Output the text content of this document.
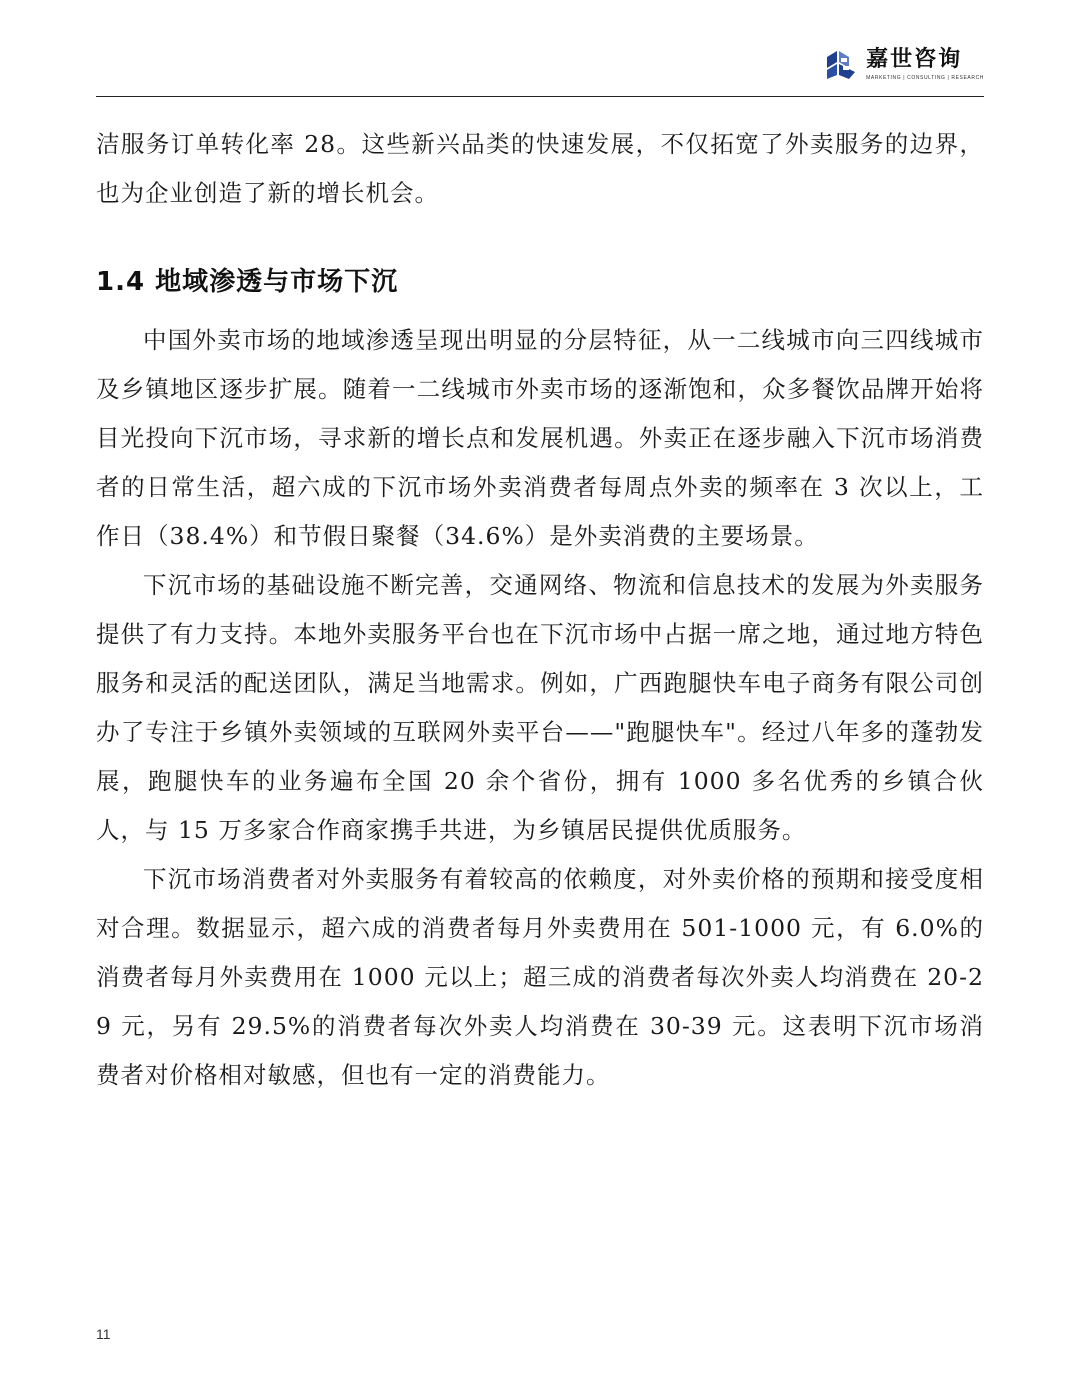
嘉世咨询
MARKETING | CONSULTING | RESEARCH

洁服务订单转化率 28。这些新兴品类的快速发展，不仅拓宽了外卖服务的边界，也为企业创造了新的增长机会。

1.4 地域渗透与市场下沉

中国外卖市场的地域渗透呈现出明显的分层特征，从一二线城市向三四线城市及乡镇地区逐步扩展。随着一二线城市外卖市场的逐渐饱和，众多餐饮品牌开始将目光投向下沉市场，寻求新的增长点和发展机遇。外卖正在逐步融入下沉市场消费者的日常生活，超六成的下沉市场外卖消费者每周点外卖的频率在 3 次以上，工作日（38.4%）和节假日聚餐（34.6%）是外卖消费的主要场景。

下沉市场的基础设施不断完善，交通网络、物流和信息技术的发展为外卖服务提供了有力支持。本地外卖服务平台也在下沉市场中占据一席之地，通过地方特色服务和灵活的配送团队，满足当地需求。例如，广西跑腿快车电子商务有限公司创办了专注于乡镇外卖领域的互联网外卖平台——"跑腿快车"。经过八年多的蓬勃发展，跑腿快车的业务遍布全国 20 余个省份，拥有 1000 多名优秀的乡镇合伙人，与 15 万多家合作商家携手共进，为乡镇居民提供优质服务。

下沉市场消费者对外卖服务有着较高的依赖度，对外卖价格的预期和接受度相对合理。数据显示，超六成的消费者每月外卖费用在 501-1000 元，有 6.0%的消费者每月外卖费用在 1000 元以上；超三成的消费者每次外卖人均消费在 20-29 元，另有 29.5%的消费者每次外卖人均消费在 30-39 元。这表明下沉市场消费者对价格相对敏感，但也有一定的消费能力。

11
